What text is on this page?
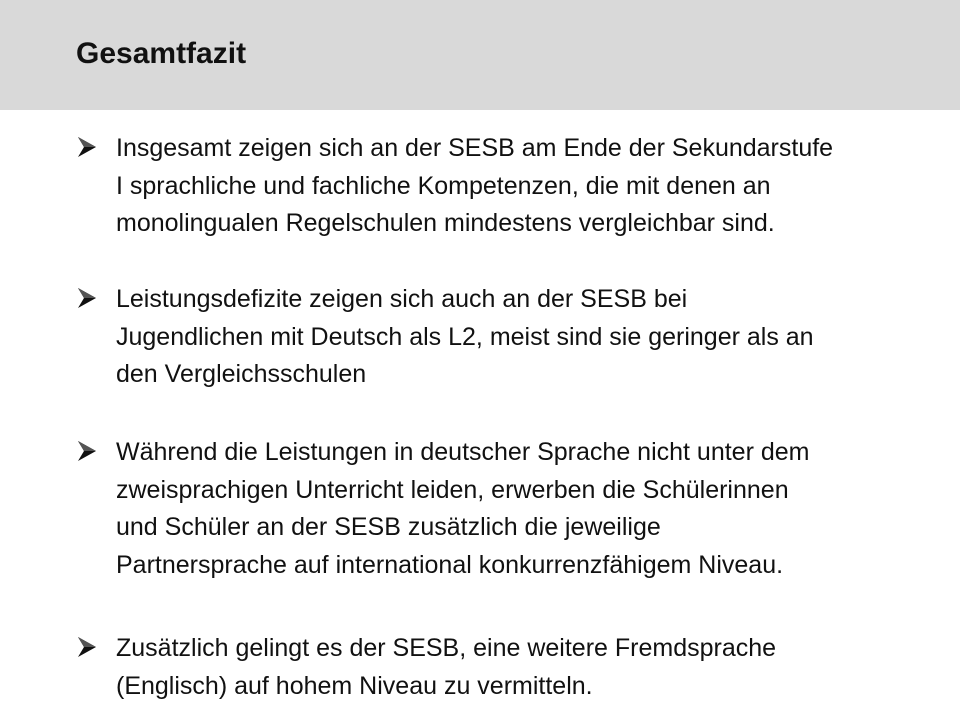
Gesamtfazit

Insgesamt zeigen sich an der SESB am Ende der Sekundarstufe
I sprachliche und fachliche Kompetenzen, die mit denen an
monolingualen Regelschulen mindestens vergleichbar sind.

Leistungsdefizite zeigen sich auch an der SESB bei
Jugendlichen mit Deutsch als L2, meist sind sie geringer als an
den Vergleichsschulen

Während die Leistungen in deutscher Sprache nicht unter dem
zweisprachigen Unterricht leiden, erwerben die Schülerinnen
und Schüler an der SESB zusätzlich die jeweilige
Partnersprache auf international konkurrenzfähigem Niveau.

Zusätzlich gelingt es der SESB, eine weitere Fremdsprache
(Englisch) auf hohem Niveau zu vermitteln.
